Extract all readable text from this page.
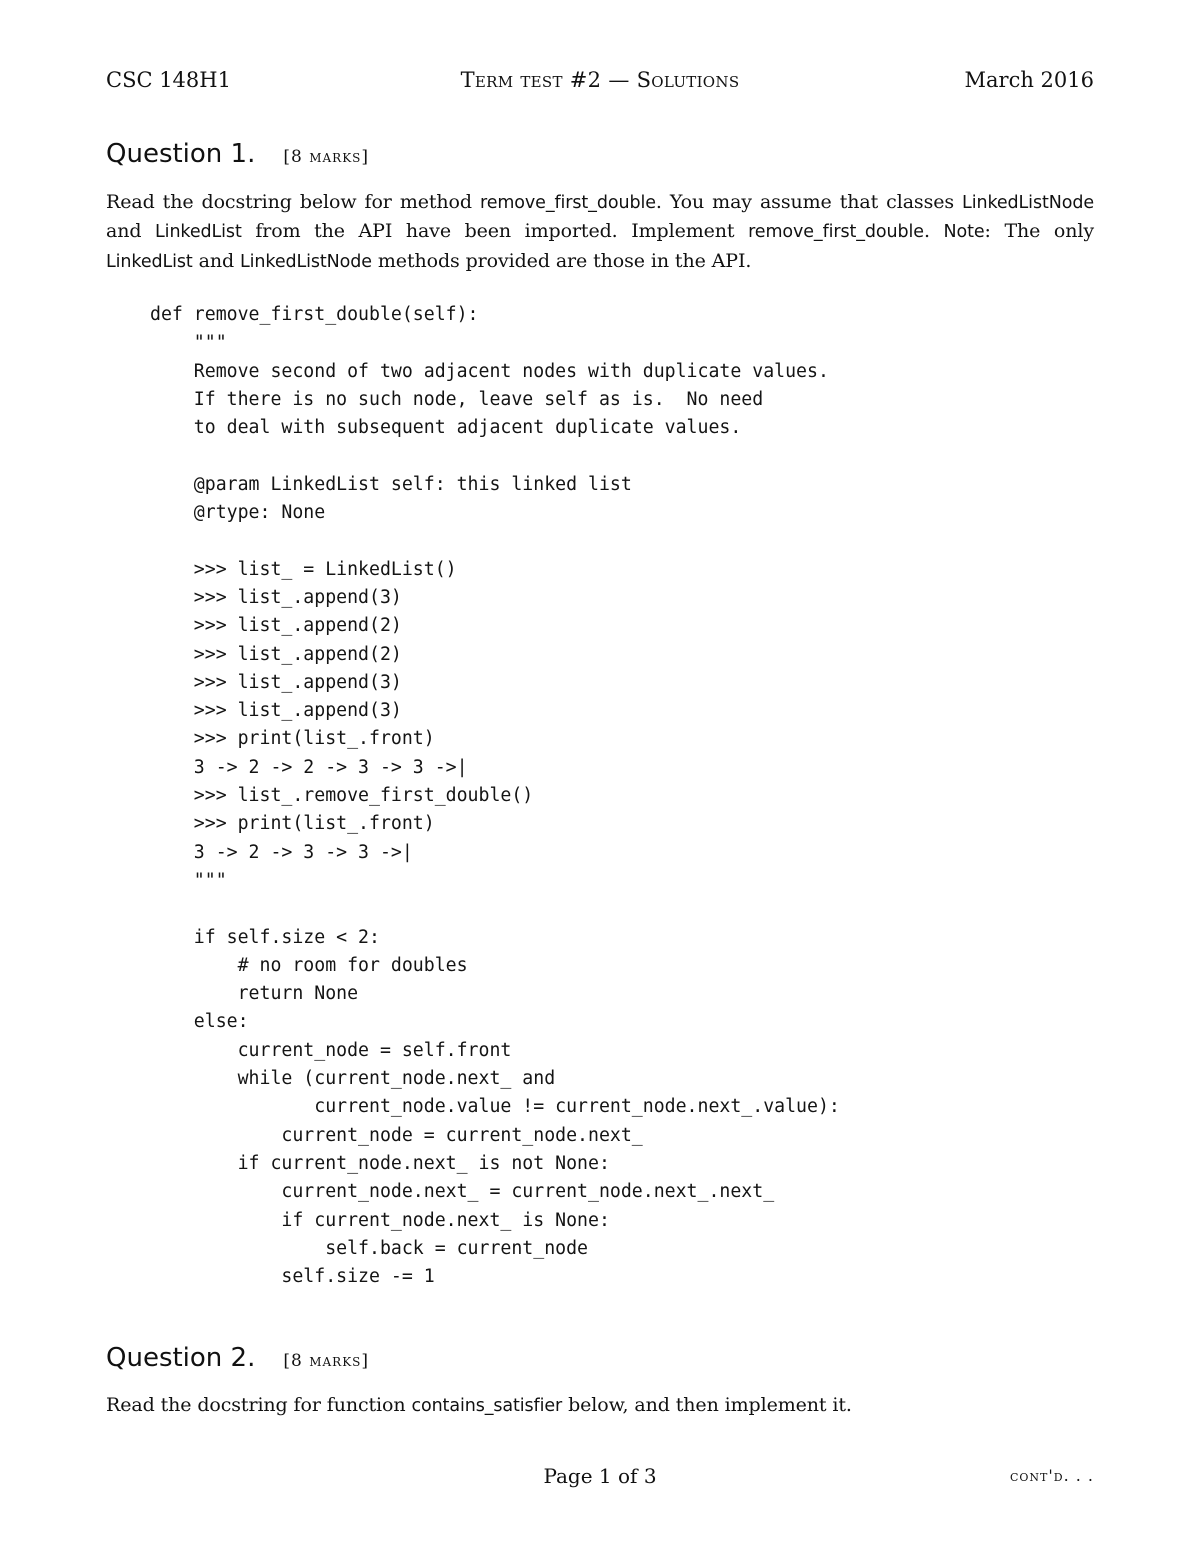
CSC 148H1	Term test #2 — Solutions	March 2016
Question 1. [8 marks]
Read the docstring below for method remove_first_double. You may assume that classes LinkedListNode and LinkedList from the API have been imported. Implement remove_first_double. Note: The only LinkedList and LinkedListNode methods provided are those in the API.
def remove_first_double(self):
"""
Remove second of two adjacent nodes with duplicate values.
If there is no such node, leave self as is.  No need
to deal with subsequent adjacent duplicate values.
@param LinkedList self: this linked list
@rtype: None
>>> list_ = LinkedList()
>>> list_.append(3)
>>> list_.append(2)
>>> list_.append(2)
>>> list_.append(3)
>>> list_.append(3)
>>> print(list_.front)
3 -> 2 -> 2 -> 3 -> 3 ->|
>>> list_.remove_first_double()
>>> print(list_.front)
3 -> 2 -> 3 -> 3 ->|
"""
if self.size < 2:
# no room for doubles
return None
else:
current_node = self.front
while (current_node.next_ and
current_node.value != current_node.next_.value):
current_node = current_node.next_
if current_node.next_ is not None:
current_node.next_ = current_node.next_.next_
if current_node.next_ is None:
self.back = current_node
self.size -= 1
Question 2. [8 marks]
Read the docstring for function contains_satisfier below, and then implement it.
Page 1 of 3	cont'd. . .
